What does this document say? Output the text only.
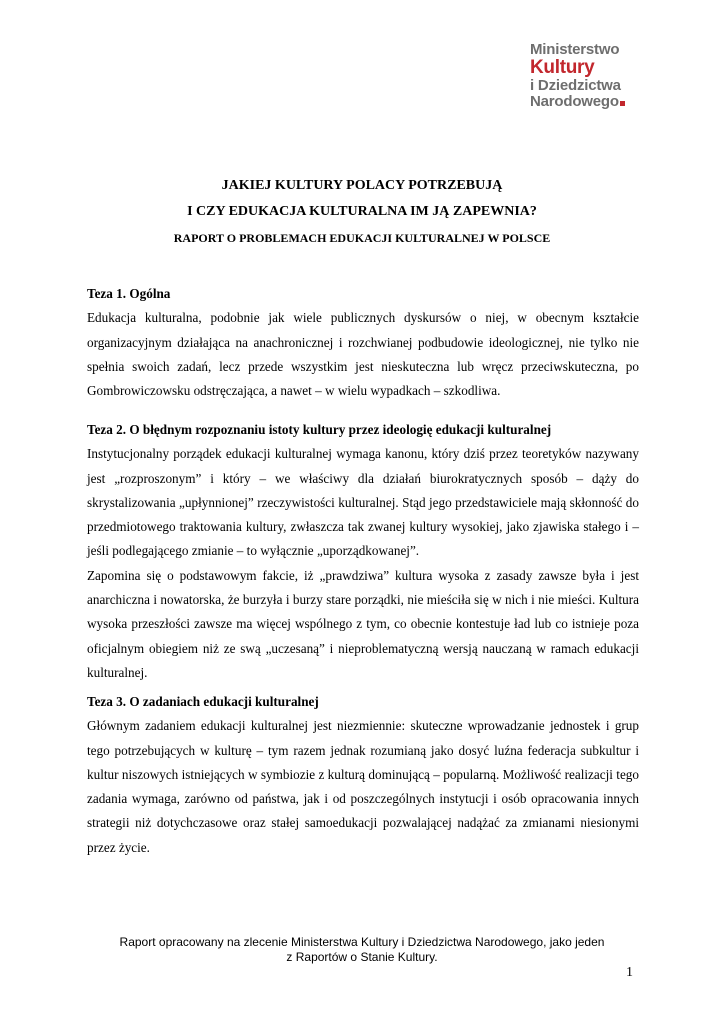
Ministerstwo
Kultury
i Dziedzictwa
Narodowego
JAKIEJ KULTURY POLACY POTRZEBUJĄ
I CZY EDUKACJA KULTURALNA IM JĄ ZAPEWNIA?
RAPORT O PROBLEMACH EDUKACJI KULTURALNEJ W POLSCE
Teza 1. Ogólna

Edukacja kulturalna, podobnie jak wiele publicznych dyskursów o niej, w obecnym kształcie organizacyjnym działająca na anachronicznej i rozchwianej podbudowie ideologicznej, nie tylko nie spełnia swoich zadań, lecz przede wszystkim jest nieskuteczna lub wręcz przeciwskuteczna, po Gombrowiczowsku odstręczająca, a nawet – w wielu wypadkach – szkodliwa.

Teza 2. O błędnym rozpoznaniu istoty kultury przez ideologię edukacji kulturalnej

Instytucjonalny porządek edukacji kulturalnej wymaga kanonu, który dziś przez teoretyków nazywany jest „rozproszonym” i który – we właściwy dla działań biurokratycznych sposób – dąży do skrystalizowania „upłynnionej” rzeczywistości kulturalnej. Stąd jego przedstawiciele mają skłonność do przedmiotowego traktowania kultury, zwłaszcza tak zwanej kultury wysokiej, jako zjawiska stałego i – jeśli podlegającego zmianie – to wyłącznie „uporządkowanej”.

Zapomina się o podstawowym fakcie, iż „prawdziwa” kultura wysoka z zasady zawsze była i jest anarchiczna i nowatorska, że burzyła i burzy stare porządki, nie mieściła się w nich i nie mieści. Kultura wysoka przeszłości zawsze ma więcej wspólnego z tym, co obecnie kontestuje ład lub co istnieje poza oficjalnym obiegiem niż ze swą „uczesaną” i nieproblematyczną wersją nauczaną w ramach edukacji kulturalnej.

Teza 3. O zadaniach edukacji kulturalnej

Głównym zadaniem edukacji kulturalnej jest niezmiennie: skuteczne wprowadzanie jednostek i grup tego potrzebujących w kulturę – tym razem jednak rozumianą jako dosyć luźna federacja subkultur i kultur niszowych istniejących w symbiozie z kulturą dominującą – popularną. Możliwość realizacji tego zadania wymaga, zarówno od państwa, jak i od poszczególnych instytucji i osób opracowania innych strategii niż dotychczasowe oraz stałej samoedukacji pozwalającej nadążać za zmianami niesionymi przez życie.

Raport opracowany na zlecenie Ministerstwa Kultury i Dziedzictwa Narodowego, jako jeden
z Raportów o Stanie Kultury.
1
